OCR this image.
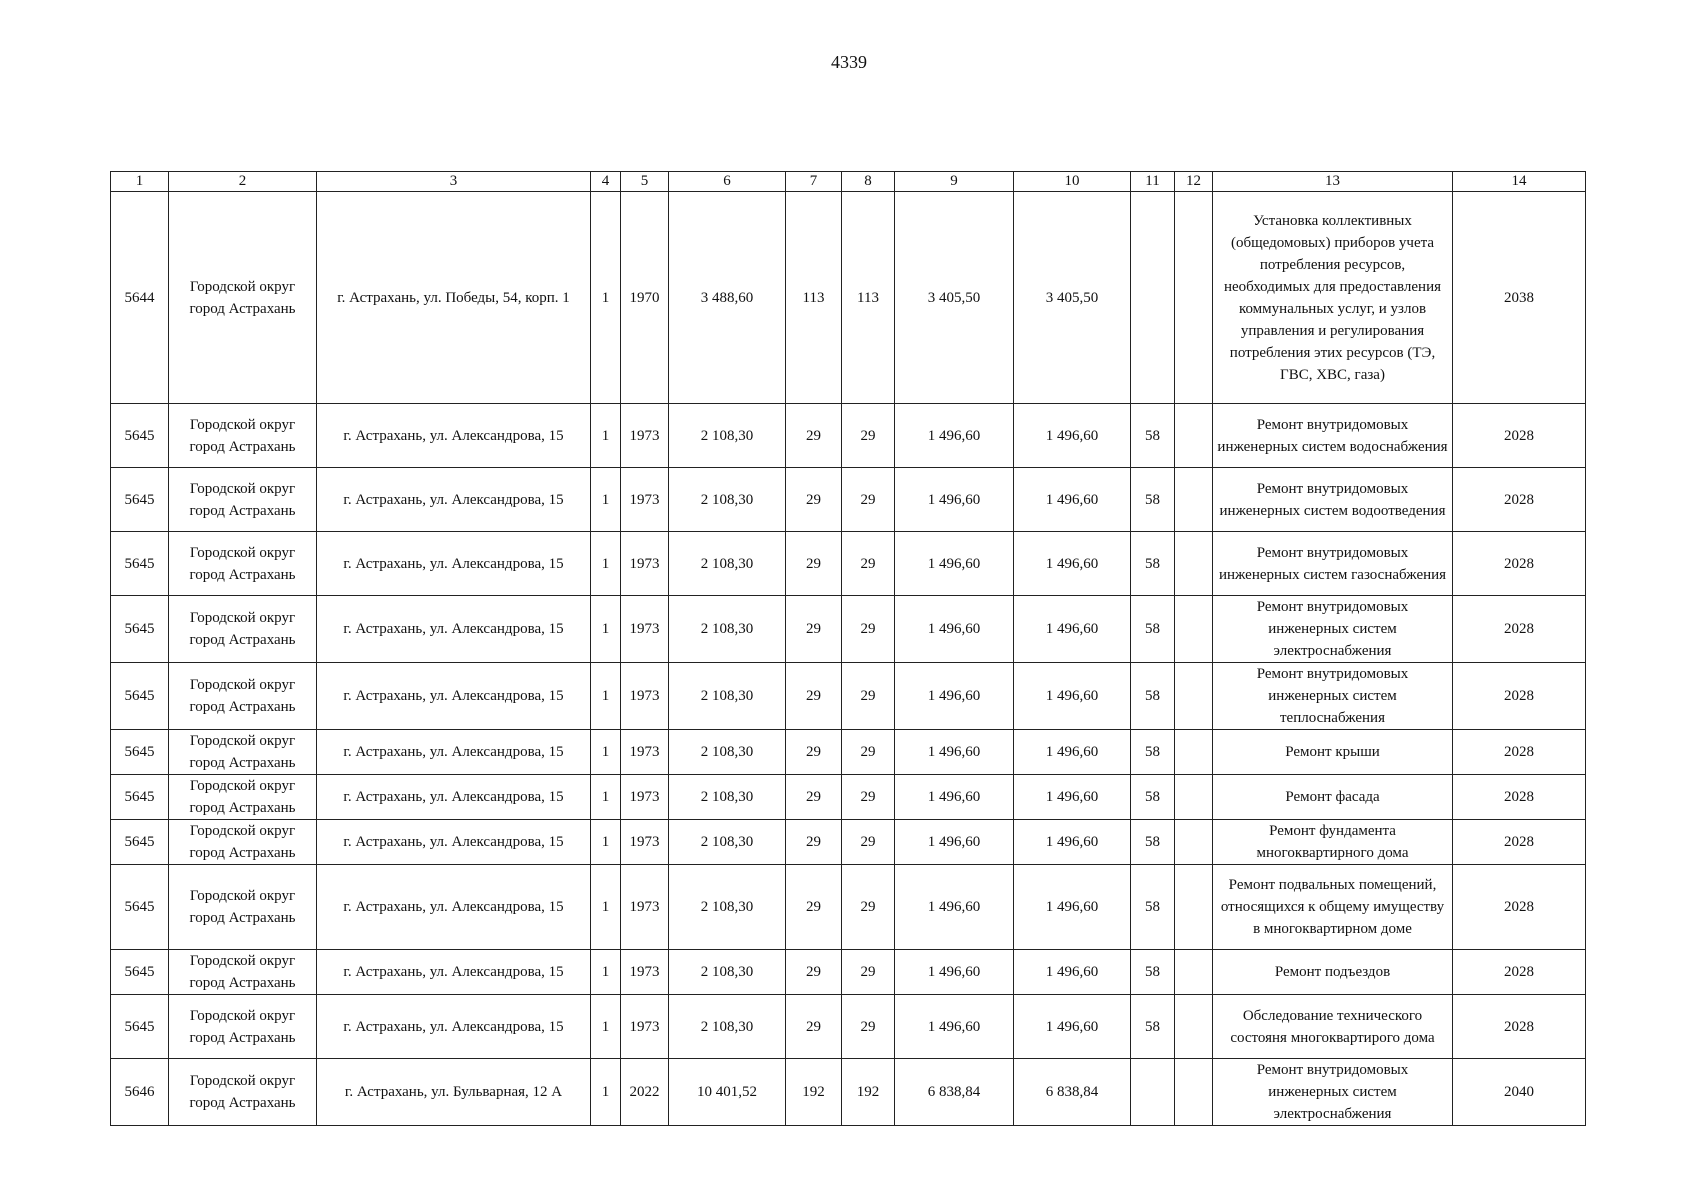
4339
1	2	3	4	5	6	7	8	9	10	11	12	13	14
5644	Городской округ город Астрахань	г. Астрахань, ул. Победы, 54, корп. 1	1	1970	3 488,60	113	113	3 405,50	3 405,50			Установка коллективных (общедомовых) приборов учета потребления ресурсов, необходимых для предоставления коммунальных услуг, и узлов управления и регулирования потребления этих ресурсов (ТЭ, ГВС, ХВС, газа)	2038
5645	Городской округ город Астрахань	г. Астрахань, ул. Александрова, 15	1	1973	2 108,30	29	29	1 496,60	1 496,60	58		Ремонт внутридомовых инженерных систем водоснабжения	2028
5645	Городской округ город Астрахань	г. Астрахань, ул. Александрова, 15	1	1973	2 108,30	29	29	1 496,60	1 496,60	58		Ремонт внутридомовых инженерных систем водоотведения	2028
5645	Городской округ город Астрахань	г. Астрахань, ул. Александрова, 15	1	1973	2 108,30	29	29	1 496,60	1 496,60	58		Ремонт внутридомовых инженерных систем газоснабжения	2028
5645	Городской округ город Астрахань	г. Астрахань, ул. Александрова, 15	1	1973	2 108,30	29	29	1 496,60	1 496,60	58		Ремонт внутридомовых инженерных систем электроснабжения	2028
5645	Городской округ город Астрахань	г. Астрахань, ул. Александрова, 15	1	1973	2 108,30	29	29	1 496,60	1 496,60	58		Ремонт внутридомовых инженерных систем теплоснабжения	2028
5645	Городской округ город Астрахань	г. Астрахань, ул. Александрова, 15	1	1973	2 108,30	29	29	1 496,60	1 496,60	58		Ремонт крыши	2028
5645	Городской округ город Астрахань	г. Астрахань, ул. Александрова, 15	1	1973	2 108,30	29	29	1 496,60	1 496,60	58		Ремонт фасада	2028
5645	Городской округ город Астрахань	г. Астрахань, ул. Александрова, 15	1	1973	2 108,30	29	29	1 496,60	1 496,60	58		Ремонт фундамента многоквартирного дома	2028
5645	Городской округ город Астрахань	г. Астрахань, ул. Александрова, 15	1	1973	2 108,30	29	29	1 496,60	1 496,60	58		Ремонт подвальных помещений, относящихся к общему имуществу в многоквартирном доме	2028
5645	Городской округ город Астрахань	г. Астрахань, ул. Александрова, 15	1	1973	2 108,30	29	29	1 496,60	1 496,60	58		Ремонт подъездов	2028
5645	Городской округ город Астрахань	г. Астрахань, ул. Александрова, 15	1	1973	2 108,30	29	29	1 496,60	1 496,60	58		Обследование технического состояня многоквартирого дома	2028
5646	Городской округ город Астрахань	г. Астрахань, ул. Бульварная, 12 А	1	2022	10 401,52	192	192	6 838,84	6 838,84			Ремонт внутридомовых инженерных систем электроснабжения	2040
